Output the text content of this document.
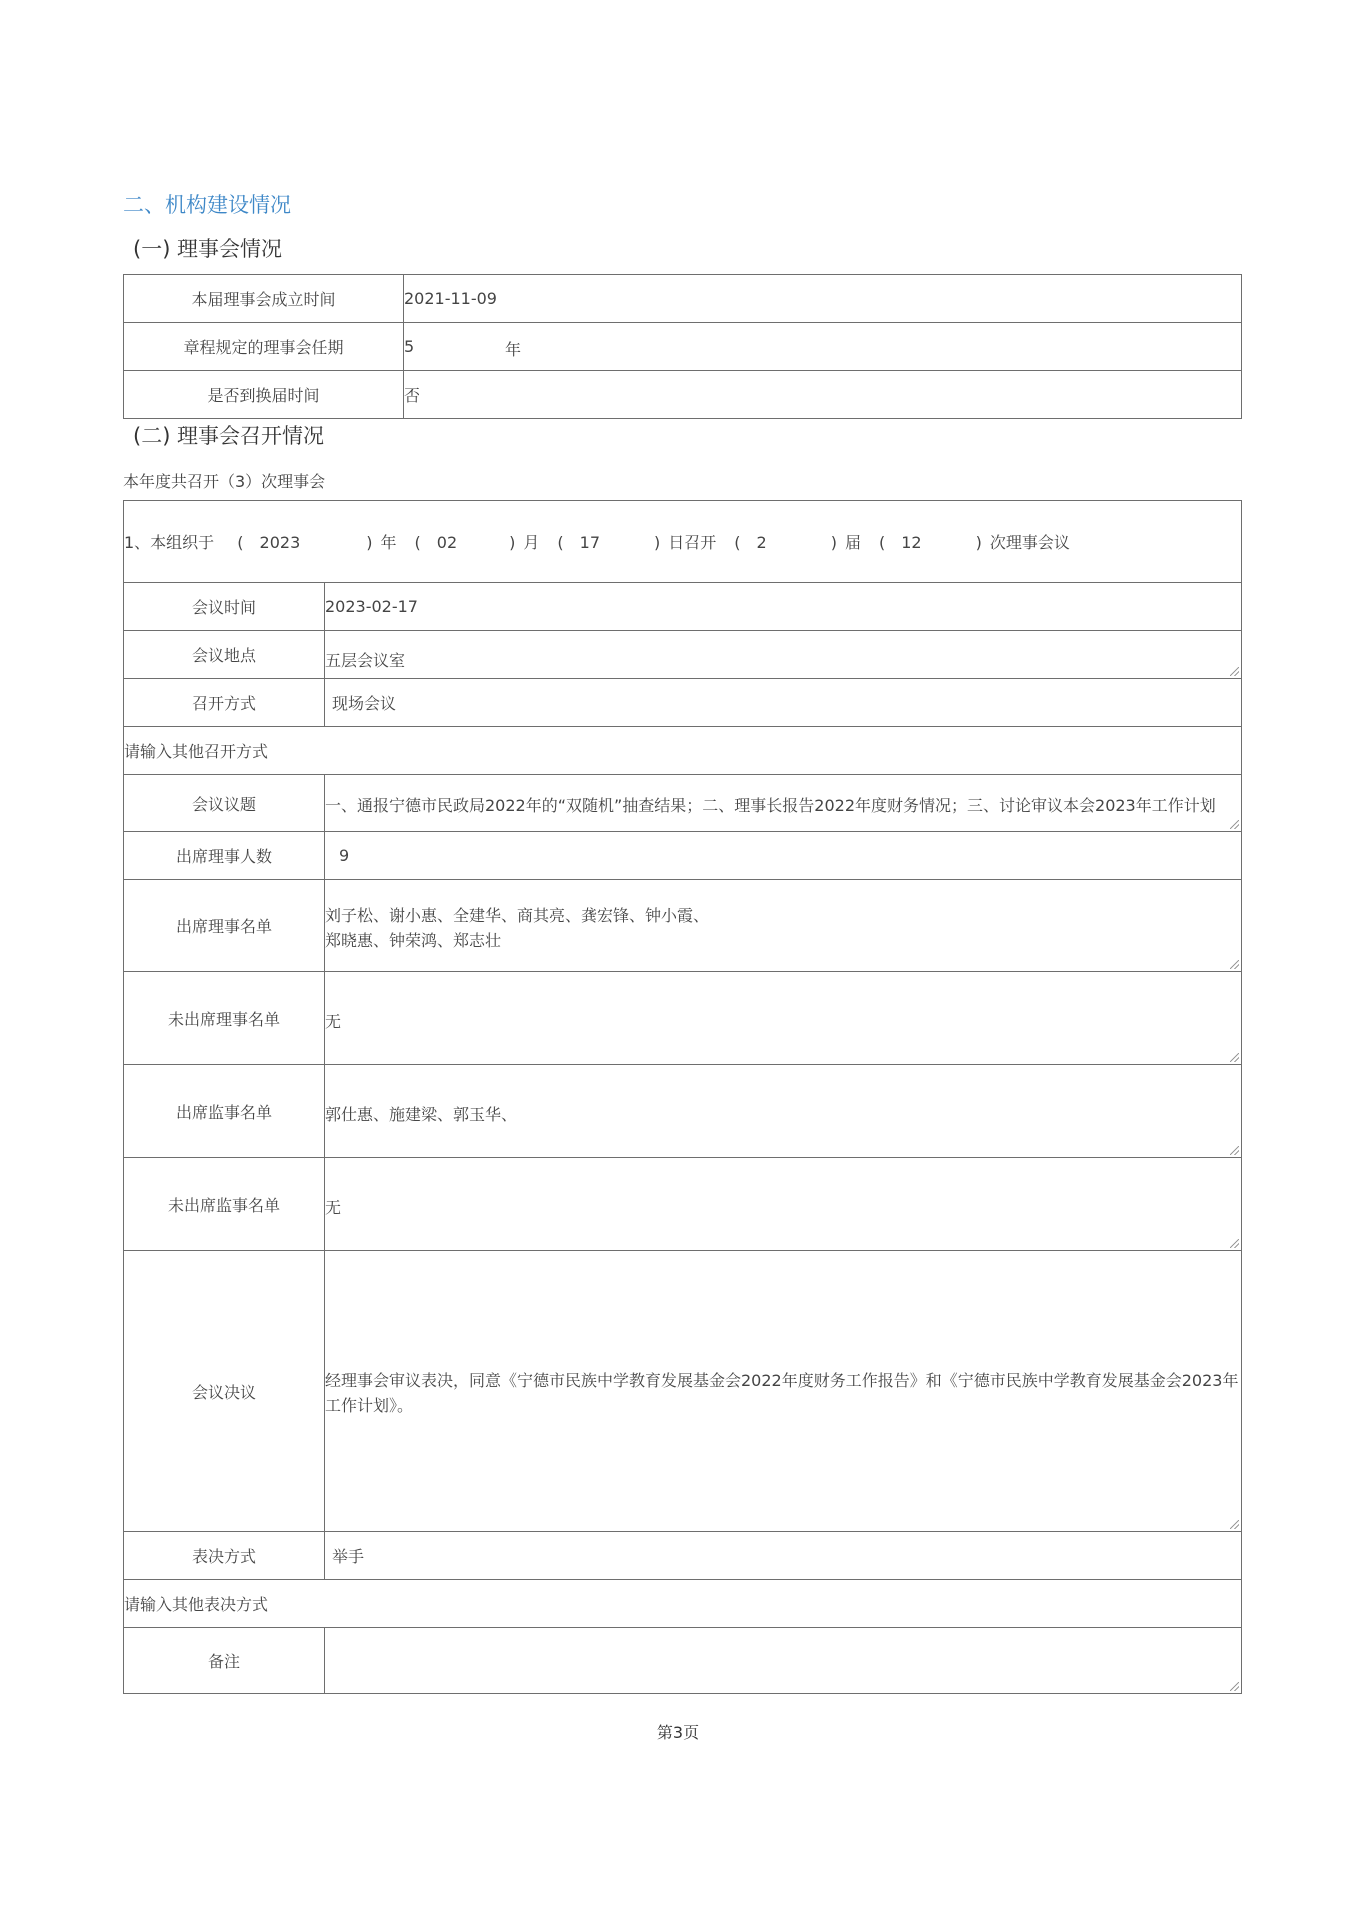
二、机构建设情况
(一) 理事会情况
本届理事会成立时间	2021-11-09
章程规定的理事会任期	5 年

是否到换届时间	否
(二) 理事会召开情况
本年度共召开（3）次理事会
1、本组织于 ( 2023 ) 年 ( 02 ) 月 ( 17 ) 日召开 ( 2 ) 届 ( 12 ) 次理事会议	
会议时间	2023-02-17
会议地点	五层会议室

召开方式	现场会议
请输入其他召开方式	
会议议题	一、通报宁德市民政局2022年的“双随机”抽查结果；二、理事长报告2022年度财务情况；三、讨论审议本会2023年工作计划

出席理事人数	9
出席理事名单	刘子松、谢小惠、全建华、商其亮、龚宏锋、钟小霞、
郑晓惠、钟荣鸿、郑志壮

未出席理事名单	无

出席监事名单	郭仕惠、施建梁、郭玉华、

未出席监事名单	无

会议决议	经理事会审议表决，同意《宁德市民族中学教育发展基金会2022年度财务工作报告》和《宁德市民族中学教育发展基金会2023年工作计划》。

表决方式	举手
请输入其他表决方式	
备注	
第3页
